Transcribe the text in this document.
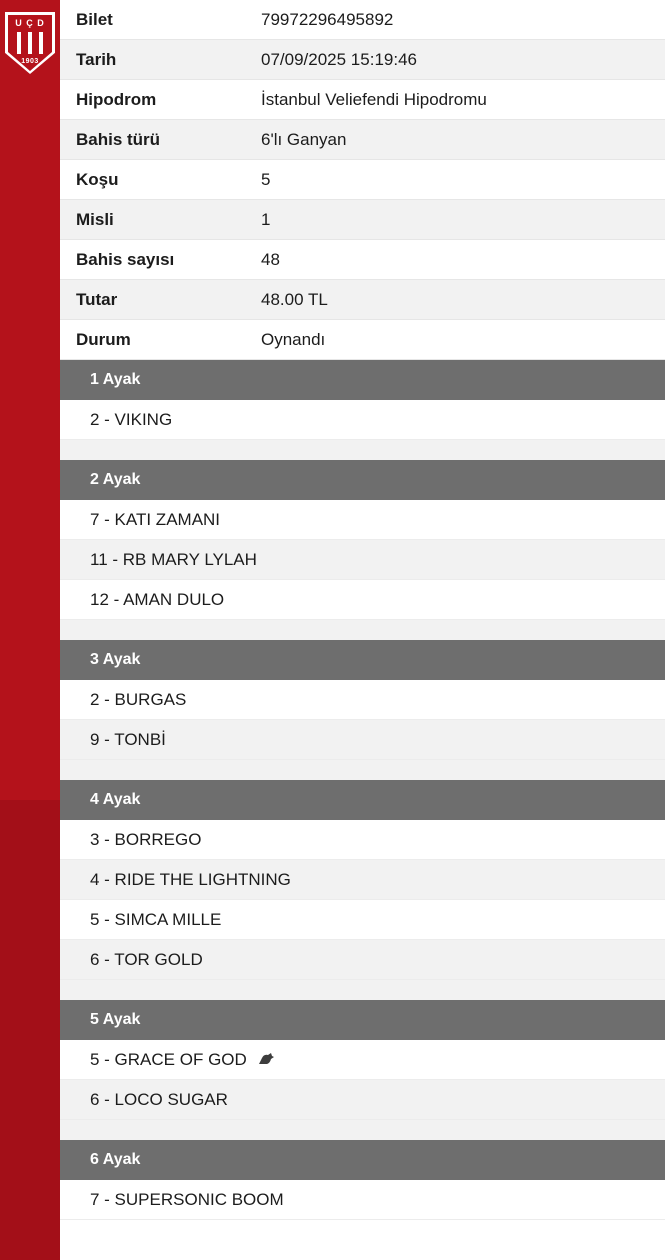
U Ç D
1903
Bilet	79972296495892
Tarih	07/09/2025 15:19:46
Hipodrom	İstanbul Veliefendi Hipodromu
Bahis türü	6'lı Ganyan
Koşu	5
Misli	1
Bahis sayısı	48
Tutar	48.00 TL
Durum	Oynandı
1 Ayak
2 - VIKING
2 Ayak
7 - KATI ZAMANI
11 - RB MARY LYLAH
12 - AMAN DULO
3 Ayak
2 - BURGAS
9 - TONBİ
4 Ayak
3 - BORREGO
4 - RIDE THE LIGHTNING
5 - SIMCA MILLE
6 - TOR GOLD
5 Ayak
5 - GRACE OF GOD
6 - LOCO SUGAR
6 Ayak
7 - SUPERSONIC BOOM
